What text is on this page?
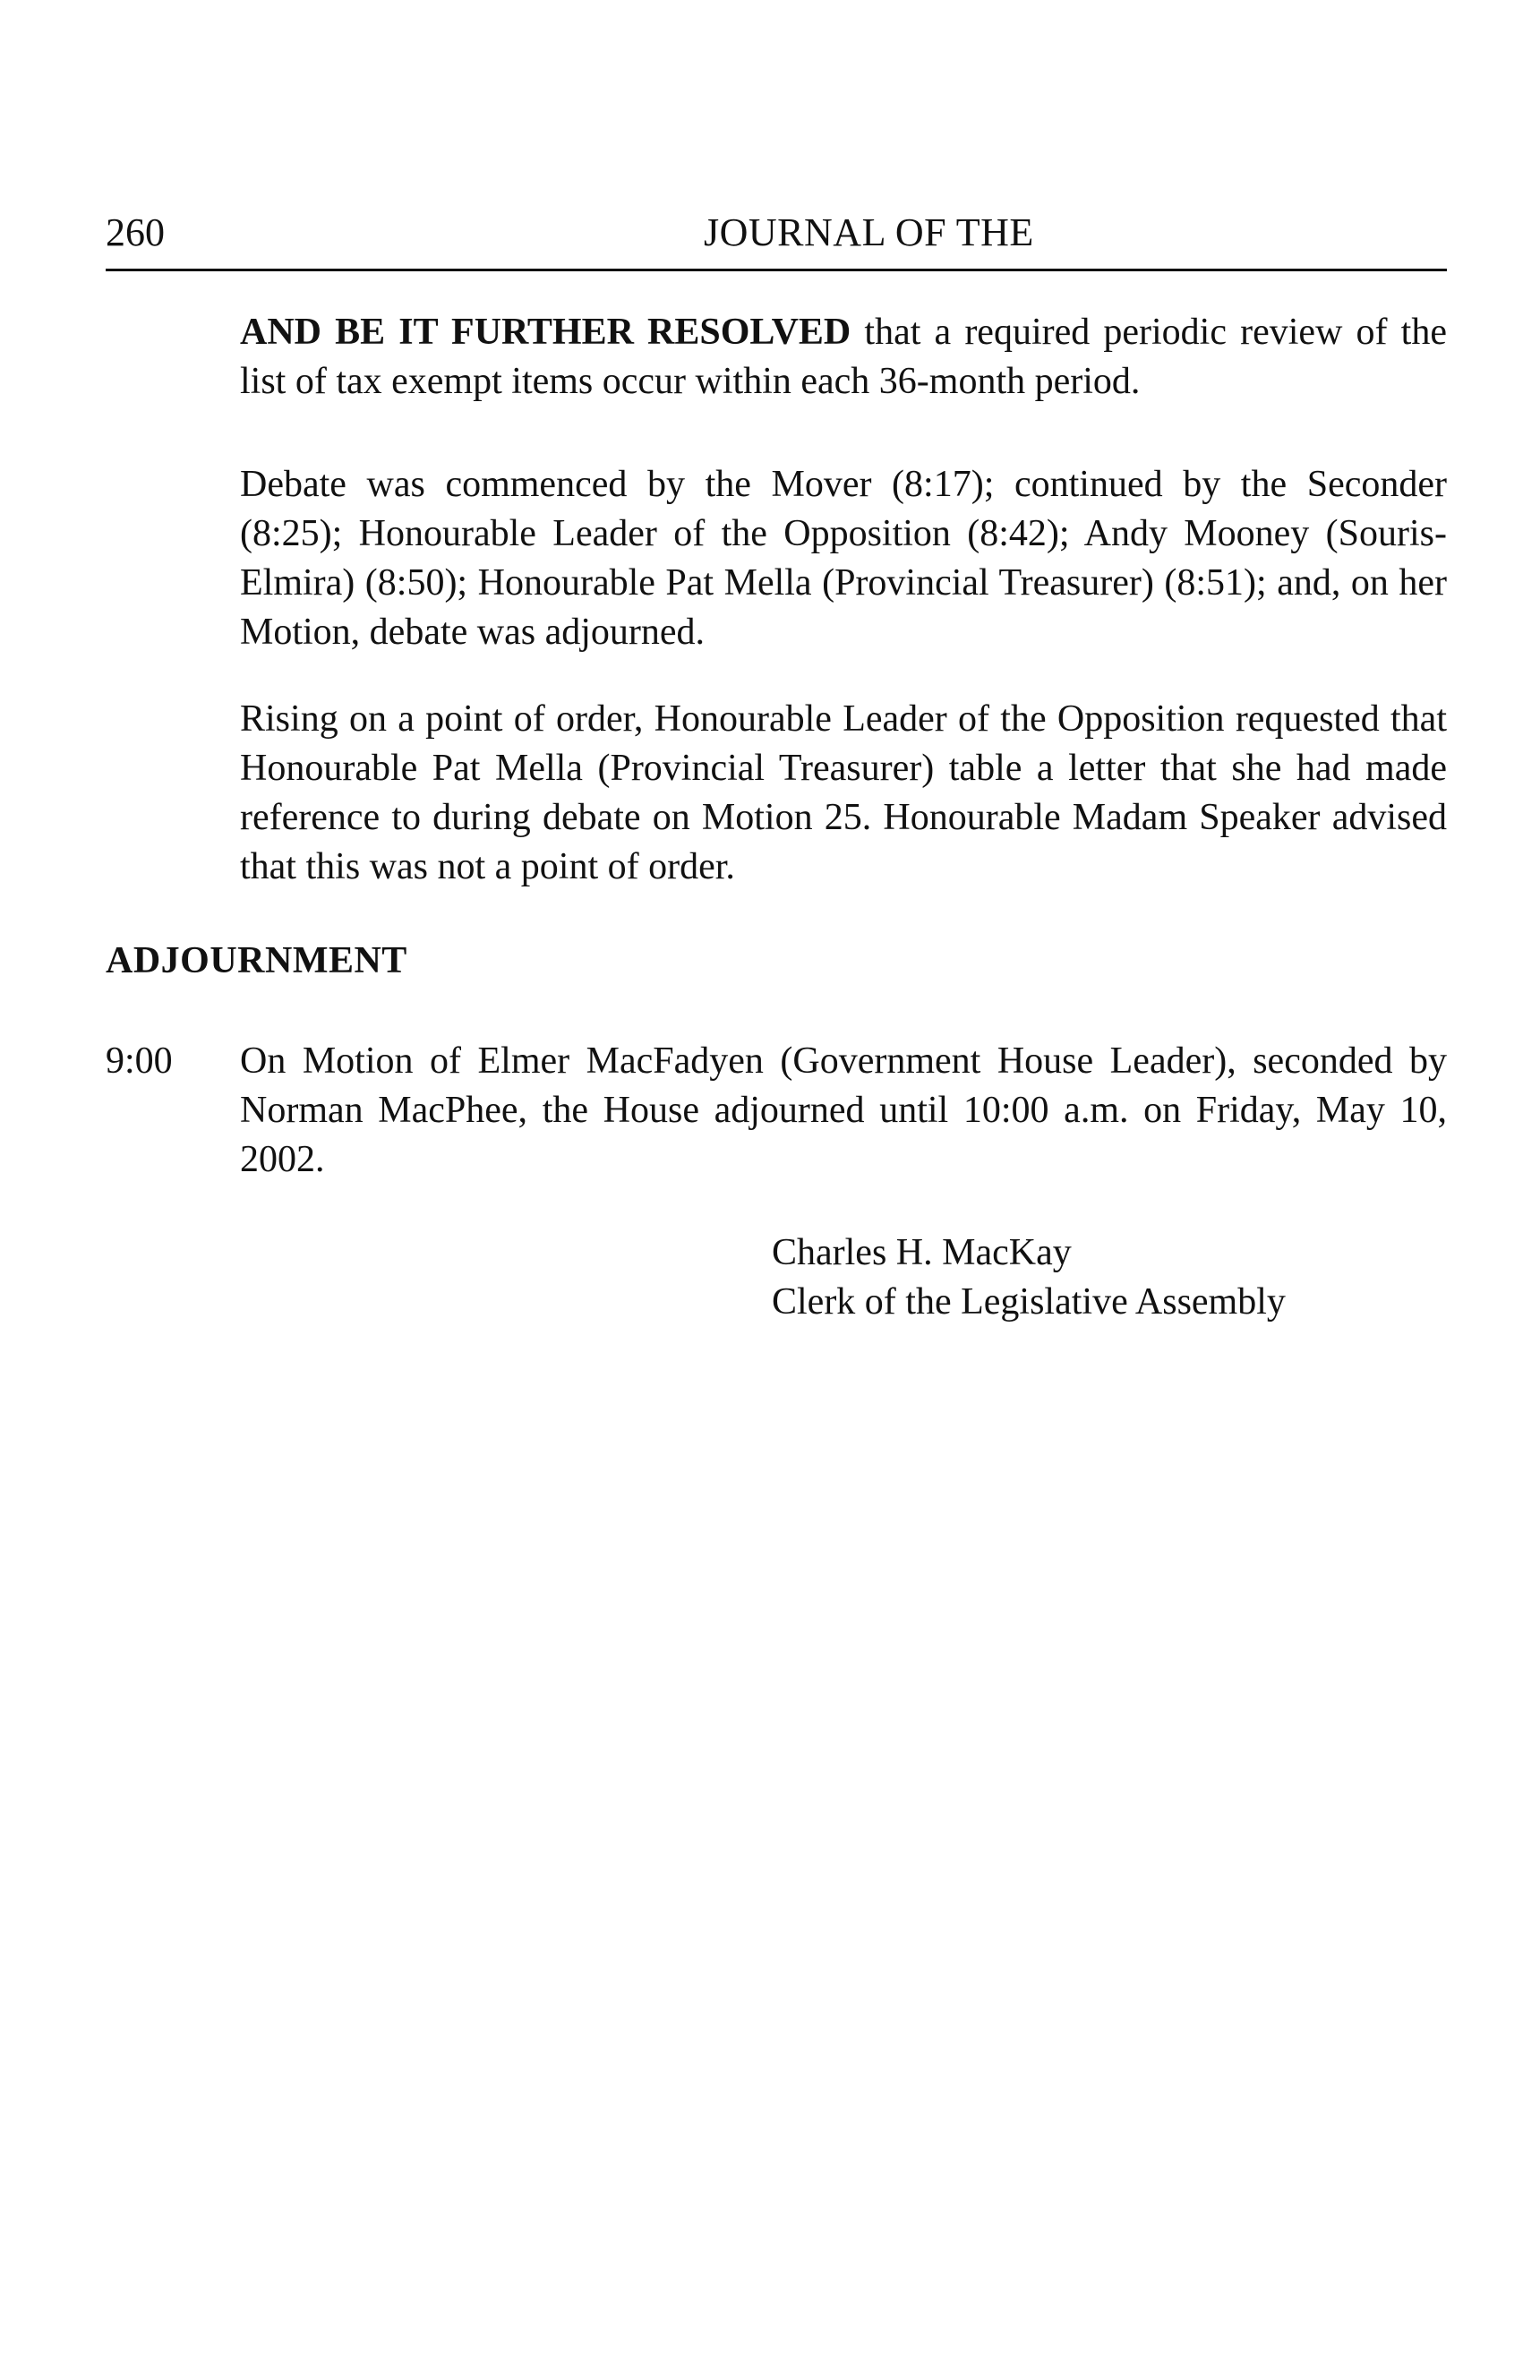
260	JOURNAL OF THE

AND BE IT FURTHER RESOLVED that a required periodic review of the list of tax exempt items occur within each 36-month period.

Debate was commenced by the Mover (8:17); continued by the Seconder (8:25); Honourable Leader of the Opposition (8:42); Andy Mooney (Souris-Elmira) (8:50); Honourable Pat Mella (Provincial Treasurer) (8:51); and, on her Motion, debate was adjourned.

Rising on a point of order, Honourable Leader of the Opposition requested that Honourable Pat Mella (Provincial Treasurer) table a letter that she had made reference to during debate on Motion 25. Honourable Madam Speaker advised that this was not a point of order.

ADJOURNMENT
9:00 On Motion of Elmer MacFadyen (Government House Leader), seconded by Norman MacPhee, the House adjourned until 10:00 a.m. on Friday, May 10, 2002.

Charles H. MacKay
Clerk of the Legislative Assembly
